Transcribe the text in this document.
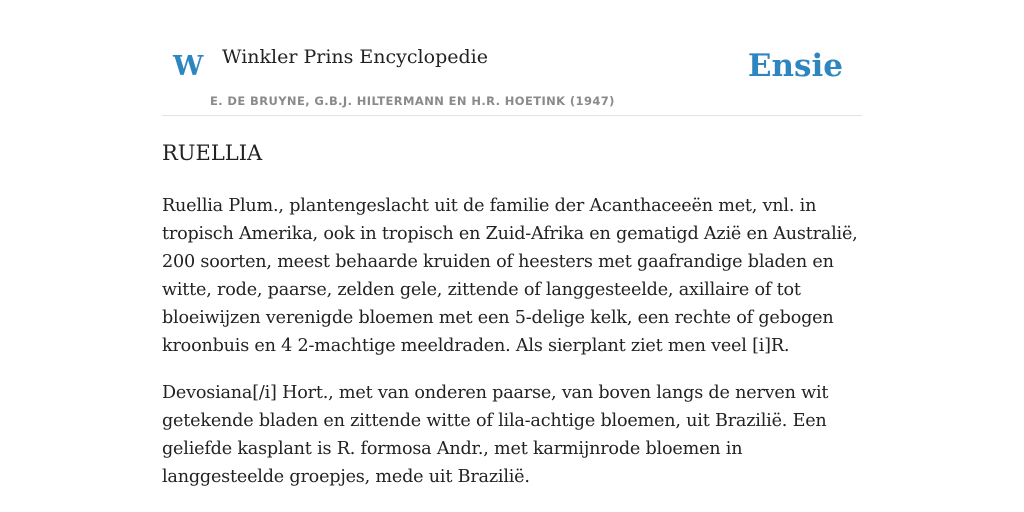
W Winkler Prins Encyclopedie
E. DE BRUYNE, G.B.J. HILTERMANN EN H.R. HOETINK (1947)
Ensie
RUELLIA

Ruellia Plum., plantengeslacht uit de familie der Acanthaceeën met, vnl. in tropisch Amerika, ook in tropisch en Zuid-Afrika en gematigd Azië en Australië, 200 soorten, meest behaarde kruiden of heesters met gaafrandige bladen en witte, rode, paarse, zelden gele, zittende of langgesteelde, axillaire of tot bloeiwijzen verenigde bloemen met een 5-delige kelk, een rechte of gebogen kroonbuis en 4 2-machtige meeldraden. Als sierplant ziet men veel [i]R.

Devosiana[/i] Hort., met van onderen paarse, van boven langs de nerven wit getekende bladen en zittende witte of lila-achtige bloemen, uit Brazilië. Een geliefde kasplant is R. formosa Andr., met karmijnrode bloemen in langgesteelde groepjes, mede uit Brazilië.
